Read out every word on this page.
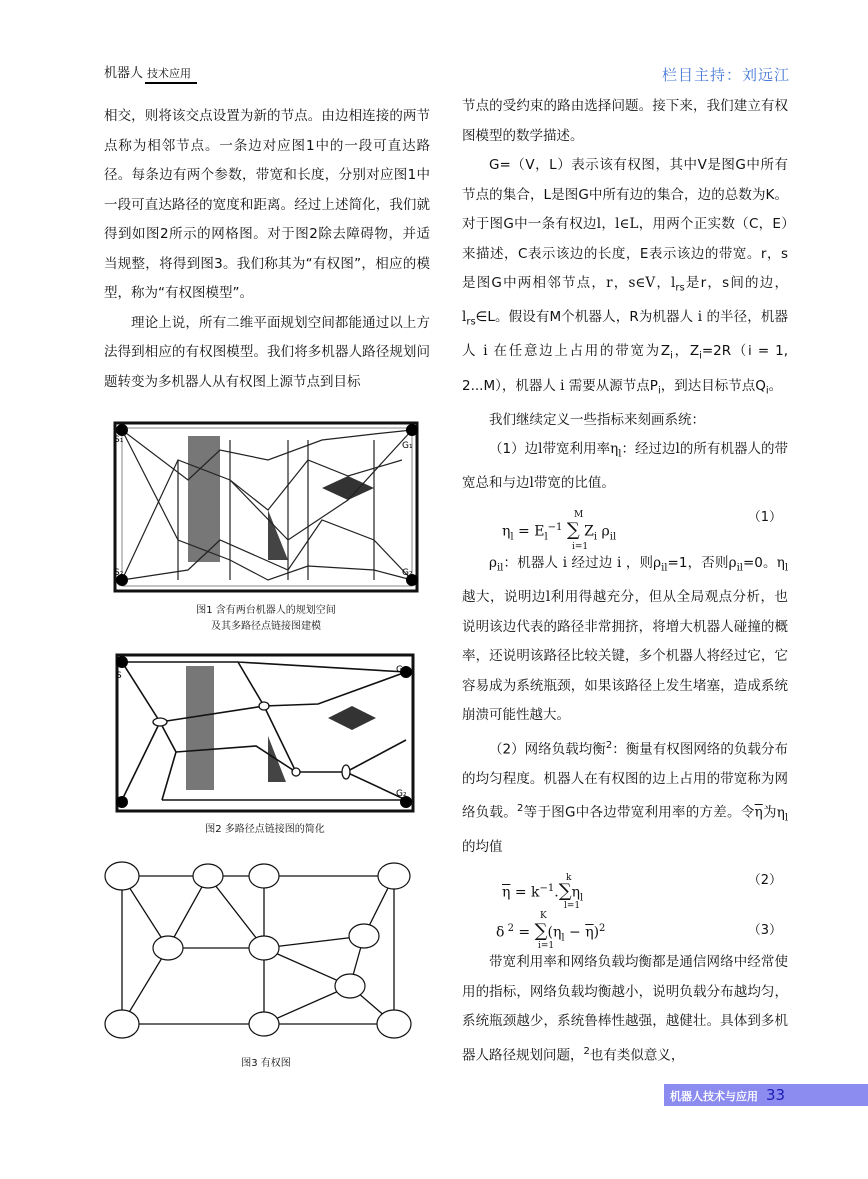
机器人 技术应用	栏目主持：刘远江

相交，则将该交点设置为新的节点。由边相连接的两节点称为相邻节点。一条边对应图1中的一段可直达路径。每条边有两个参数，带宽和长度，分别对应图1中一段可直达路径的宽度和距离。经过上述简化，我们就得到如图2所示的网格图。对于图2除去障碍物，并适当规整，将得到图3。我们称其为“有权图”，相应的模型，称为“有权图模型”。

理论上说，所有二维平面规划空间都能通过以上方法得到相应的有权图模型。我们将多机器人路径规划问题转变为多机器人从有权图上源节点到目标

S₁
G₁
S₂	G₂
图1 含有两台机器人的规划空间
及其多路径点链接图建模
S
G₁
G₂
图2 多路径点链接图的简化
图3 有权图

节点的受约束的路由选择问题。接下来，我们建立有权图模型的数学描述。

G=（V，L）表示该有权图，其中V是图G中所有节点的集合，L是图G中所有边的集合，边的总数为K。对于图G中一条有权边l，l∈L，用两个正实数（C，E）来描述，C表示该边的长度，E表示该边的带宽。r，s 是图G中两相邻节点，r，s∈V，$l_{rs}$是r，s间的边，$l_{rs}\in L$。假设有M个机器人，R为机器人 i 的半径，机器人 i 在任意边上占用的带宽为$Z_i$，$Z_i=2R(i = 1$, 2...M），机器人 i 需要从源节点$P_i$，到达目标节点$Q_i$。

我们继续定义一些指标来刻画系统：

（1）边l带宽利用率$\eta_l$：经过边l的所有机器人的带宽总和与边l带宽的比值。

$\eta_l = E_l^{-1}$ ∑ $Z_i$ $\rho_{il}$
M
i=1
（1）

$\rho_{il}$：机器人 i 经过边 i ，则$\rho_{il}=1$，否则$\rho_{il}=0$。$\eta_l$越大，说明边l利用得越充分，但从全局观点分析，也说明该边代表的路径非常拥挤，将增大机器人碰撞的概率，还说明该路径比较关键，多个机器人将经过它，它容易成为系统瓶颈，如果该路径上发生堵塞，造成系统崩溃可能性越大。

（2）网络负载均衡$^2$：衡量有权图网络的负载分布的均匀程度。机器人在有权图的边上占用的带宽称为网络负载。$^2$等于图G中各边带宽利用率的方差。令$\overline{\eta}$为$\eta_l$的均值

$\overline{\eta} = k^{-1}.\sum\eta_l$
k
l=1
（2）
δ $^2 = \sum(\eta_l - \overline{\eta})^2$
K
i=1
（3）

带宽利用率和网络负载均衡都是通信网络中经常使用的指标，网络负载均衡越小，说明负载分布越均匀，系统瓶颈越少，系统鲁棒性越强，越健壮。具体到多机器人路径规划问题，$^2$也有类似意义，

机器人技术与应用 33
